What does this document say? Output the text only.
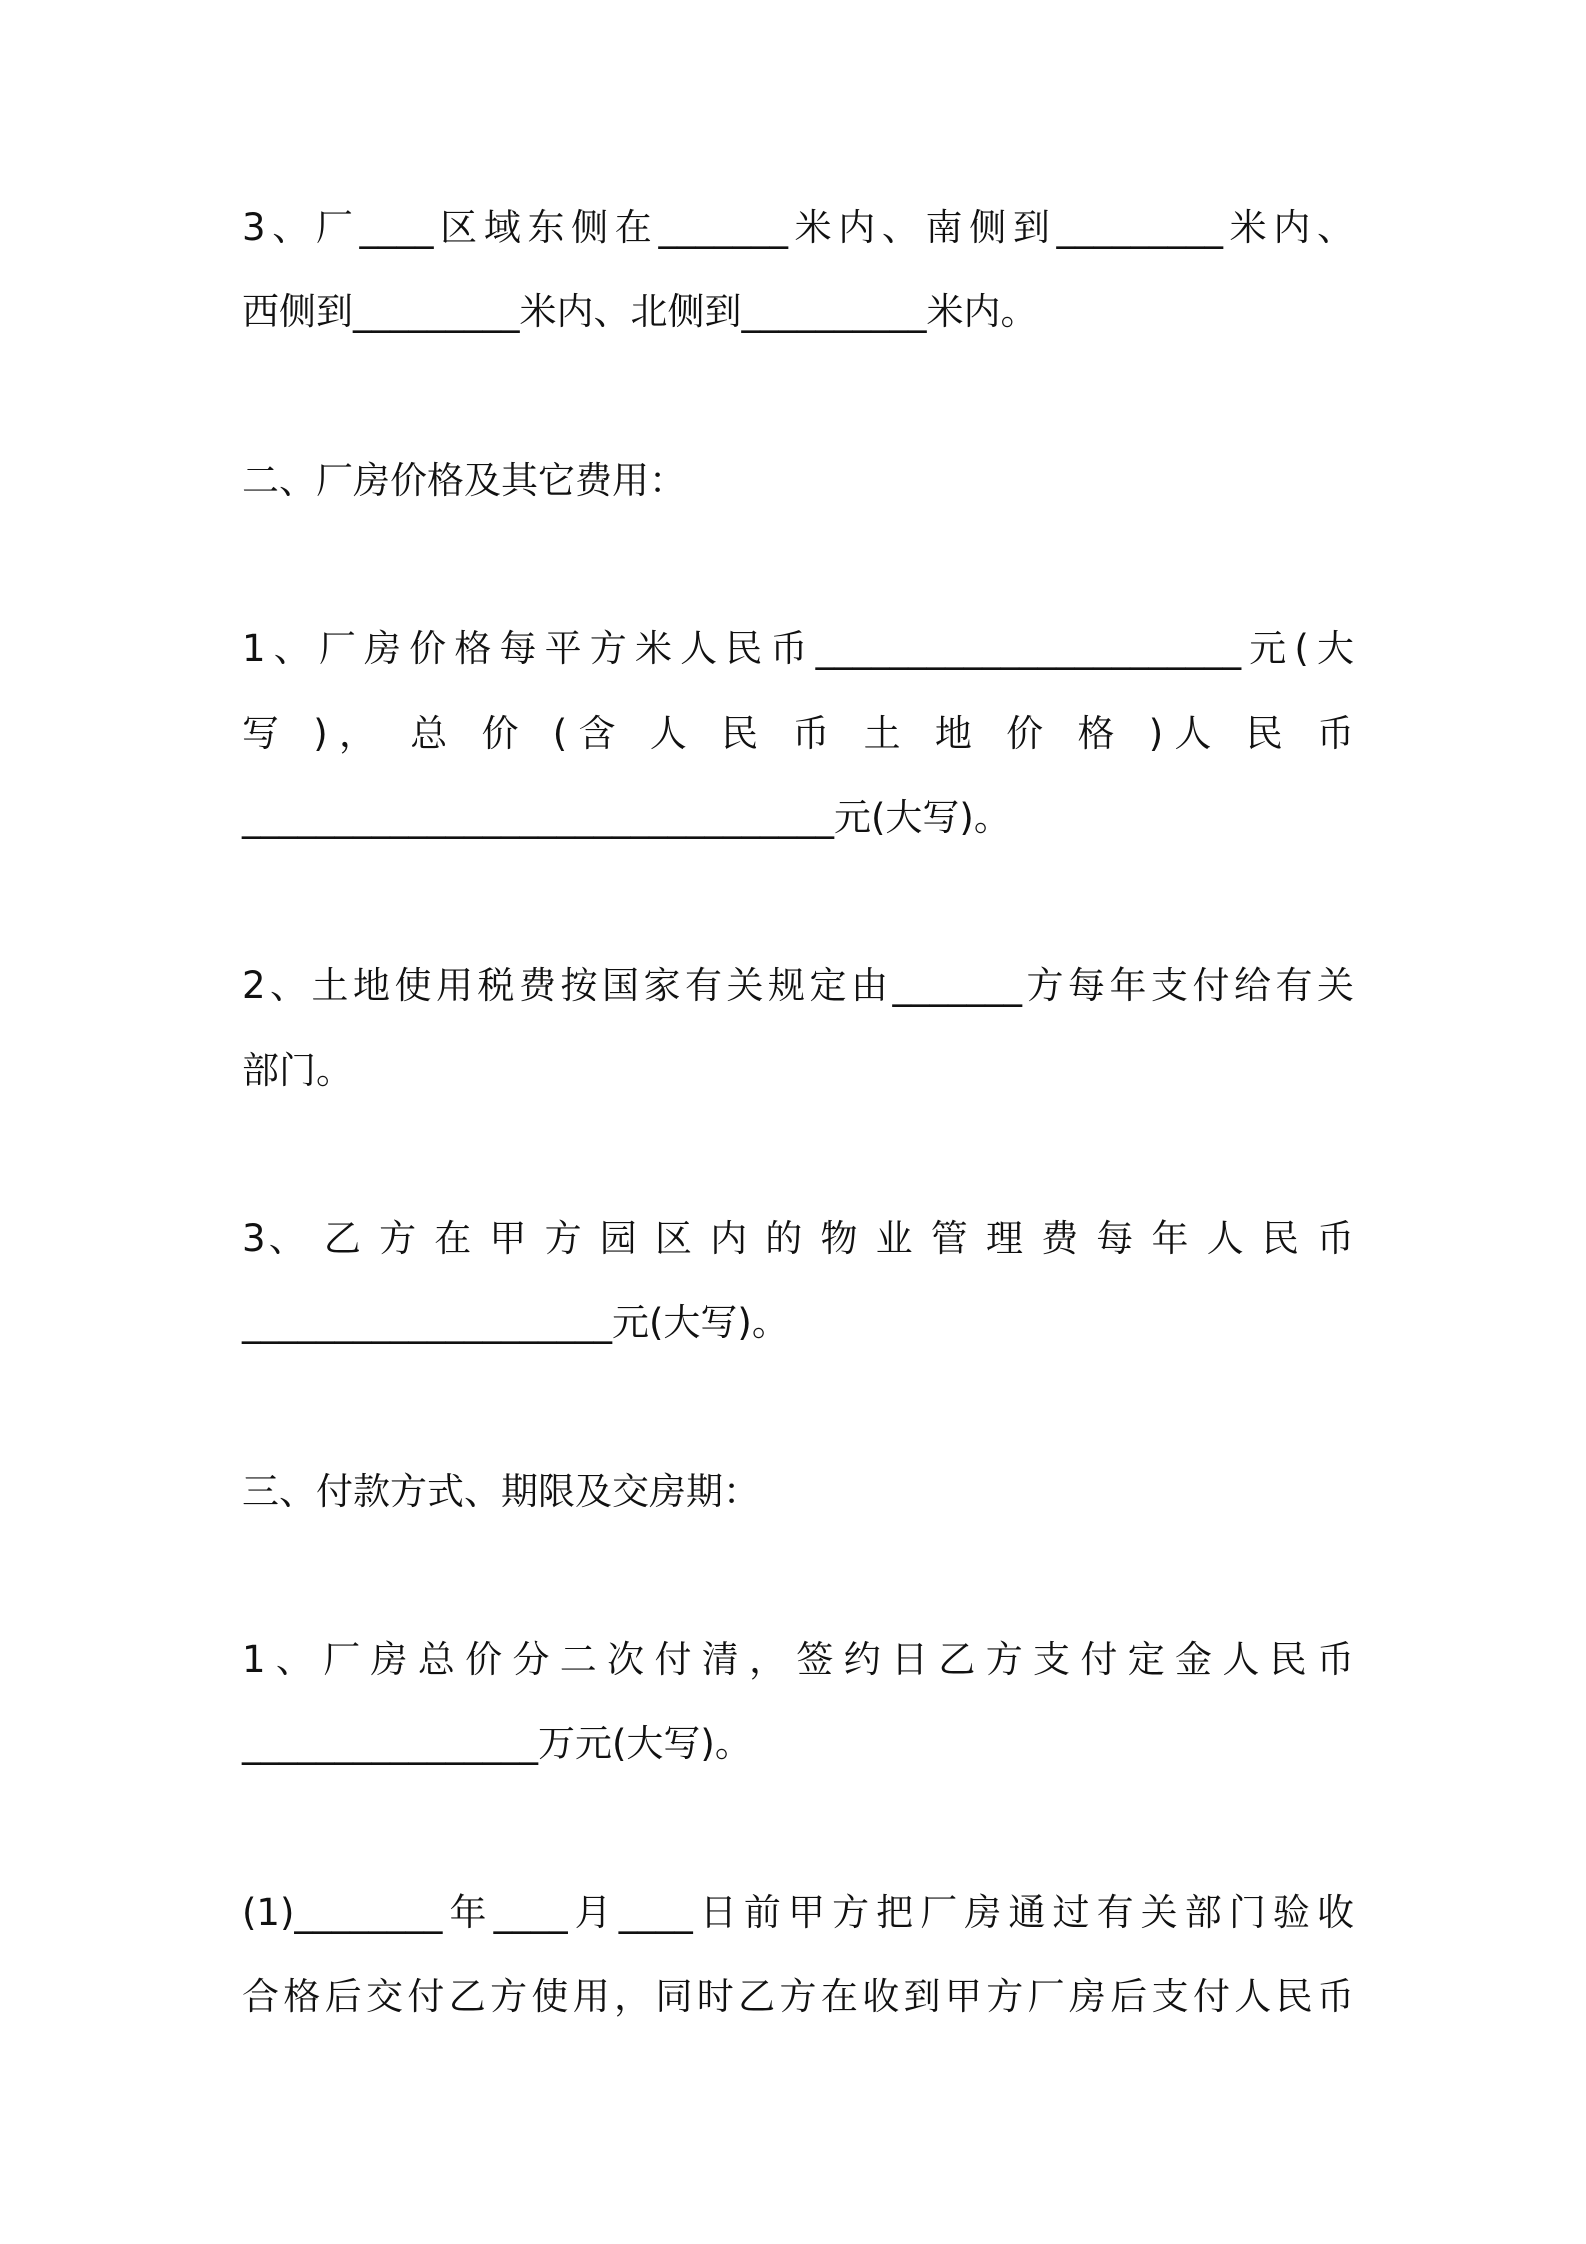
3、厂____区域东侧在_______米内、南侧到_________米内、

西侧到_________米内、北侧到__________米内。

二、厂房价格及其它费用：

1、厂房价格每平方米人民币_______________________元(大

写 )， 总 价 (含 人 民 币 土 地 价 格 )人 民 币

________________________________元(大写)。

2、土地使用税费按国家有关规定由_______方每年支付给有关

部门。

3、 乙 方 在 甲 方 园 区 内 的 物 业 管 理 费 每 年 人 民 币

____________________元(大写)。

三、付款方式、期限及交房期：

1、厂房总价分二次付清，签约日乙方支付定金人民币

________________万元(大写)。

(1)________年____月____日前甲方把厂房通过有关部门验收

合格后交付乙方使用，同时乙方在收到甲方厂房后支付人民币
